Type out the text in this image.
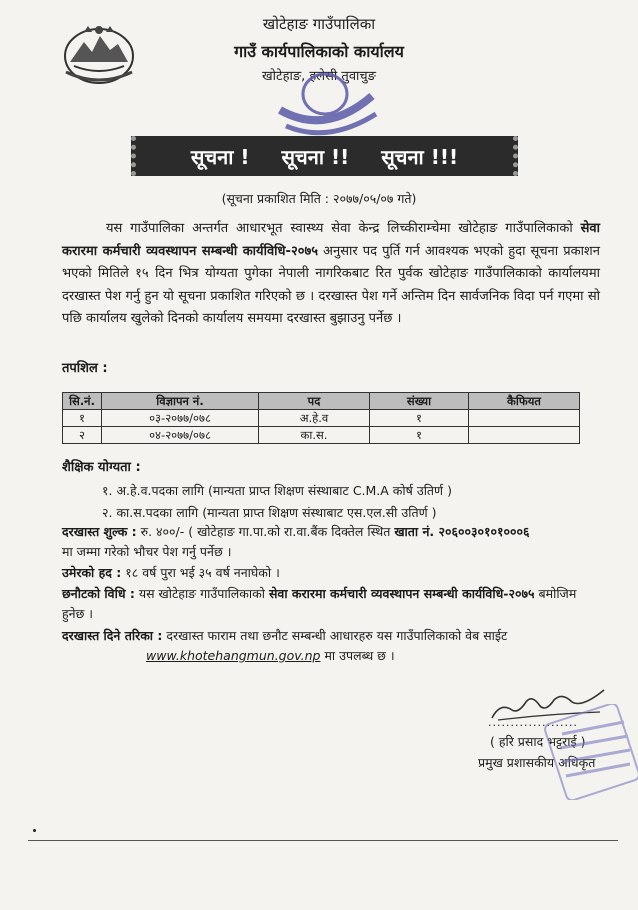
खोटेहाङ गाउँपालिका
गाउँ कार्यपालिकाको कार्यालय
खोटेहाङ, हलेसी तुवाचुङ
सूचना ! सूचना !! सूचना !!!
(सूचना प्रकाशित मिति : २०७७/०५/०७ गते)
यस गाउँपालिका अन्तर्गत आधारभूत स्वास्थ्य सेवा केन्द्र लिच्कीराम्चेमा खोटेहाङ गाउँपालिकाको सेवा करारमा कर्मचारी व्यवस्थापन सम्बन्धी कार्यविधि-२०७५ अनुसार पद पुर्ति गर्न आवश्यक भएको हुदा सूचना प्रकाशन भएको मितिले १५ दिन भित्र योग्यता पुगेका नेपाली नागरिकबाट रित पुर्वक खोटेहाङ गाउँपालिकाको कार्यालयमा दरखास्त पेश गर्नु हुन यो सूचना प्रकाशित गरिएको छ । दरखास्त पेश गर्ने अन्तिम दिन सार्वजनिक विदा पर्न गएमा सो पछि कार्यालय खुलेको दिनको कार्यालय समयमा दरखास्त बुझाउनु पर्नेछ ।
तपशिल :
सि.नं.	विज्ञापन नं.	पद	संख्या	कैफियत
१	०३-२०७७/०७८	अ.हे.व	१	
२	०४-२०७७/०७८	का.स.	१	
शैक्षिक योग्यता :
१. अ.हे.व.पदका लागि (मान्यता प्राप्त शिक्षण संस्थाबाट C.M.A कोर्ष उतिर्ण )
२. का.स.पदका लागि (मान्यता प्राप्त शिक्षण संस्थाबाट एस.एल.सी उतिर्ण )
दरखास्त शुल्क : रु. ४००/- ( खोटेहाङ गा.पा.को रा.वा.बैंक दिक्तेल स्थित खाता नं. २०६००३०१०१०००६
मा जम्मा गरेको भौचर पेश गर्नु पर्नेछ ।
उमेरको हद : १८ वर्ष पुरा भई ३५ वर्ष ननाघेको ।
छनौटको विधि : यस खोटेहाङ गाउँपालिकाको सेवा करारमा कर्मचारी व्यवस्थापन सम्बन्धी कार्यविधि-२०७५ बमोजिम हुनेछ ।
दरखास्त दिने तरिका : दरखास्त फाराम तथा छनौट सम्बन्धी आधारहरु यस गाउँपालिकाको वेब साईट
www.khotehangmun.gov.np मा उपलब्ध छ ।
....................
( हरि प्रसाद भट्टराई )
प्रमुख प्रशासकीय अधिकृत
